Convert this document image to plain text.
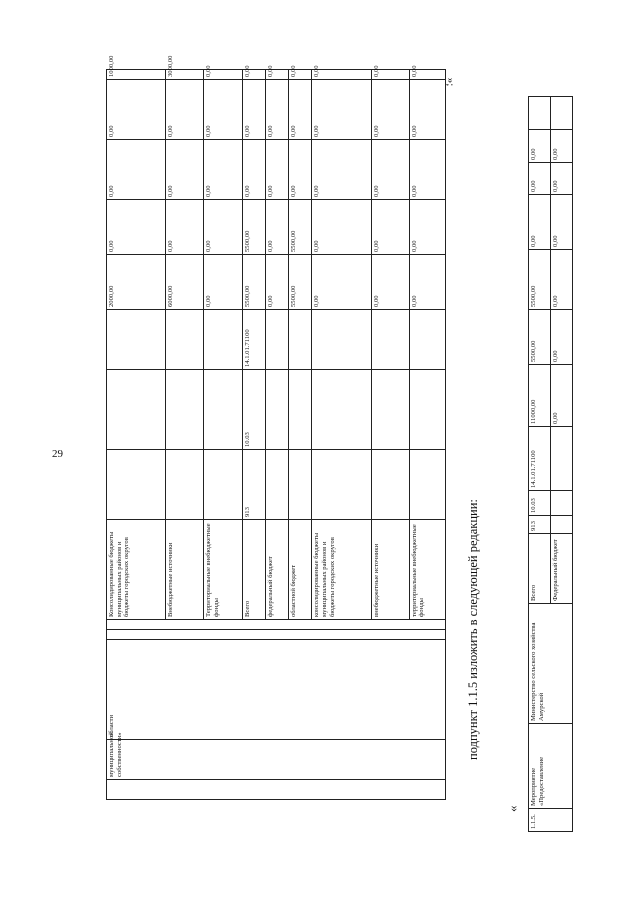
29
»;
	муниципальной собственности»	области			Консолидированные бюджеты муниципальных районов и бюджеты городских округов				2000,00	0,00	0,00	0,00	1000,00	
					Внебюджетные источники				6000,00	0,00	0,00	0,00	3000,00	
					Территориальные внебюджетные фонды				0,00	0,00	0,00	0,00	0,00	
					Всего	913	10.03	14.1.01.71100	5500,00	5500,00	0,00	0,00	0,00	
					федеральный бюджет				0,00	0,00	0,00	0,00	0,00	
					областной бюджет				5500,00	5500,00	0,00	0,00	0,00	
					консолидированные бюджеты муниципальных районов и бюджеты городских округов				0,00	0,00	0,00	0,00	0,00	
					внебюджетные источники				0,00	0,00	0,00	0,00	0,00	
					территориальные внебюджетные фонды				0,00	0,00	0,00	0,00	0,00	
подпункт 1.1.5 изложить в следующей редакции:
«
1.1.5.	Мероприятие «Предоставление	Министерство сельского хозяйства Амурской	Всего	913	10.03	14.1.01.71100	11000,00	5500,00	5500,00	0,00	0,00	0,00	
			Федеральный бюджет				0,00	0,00	0,00	0,00	0,00	0,00	
